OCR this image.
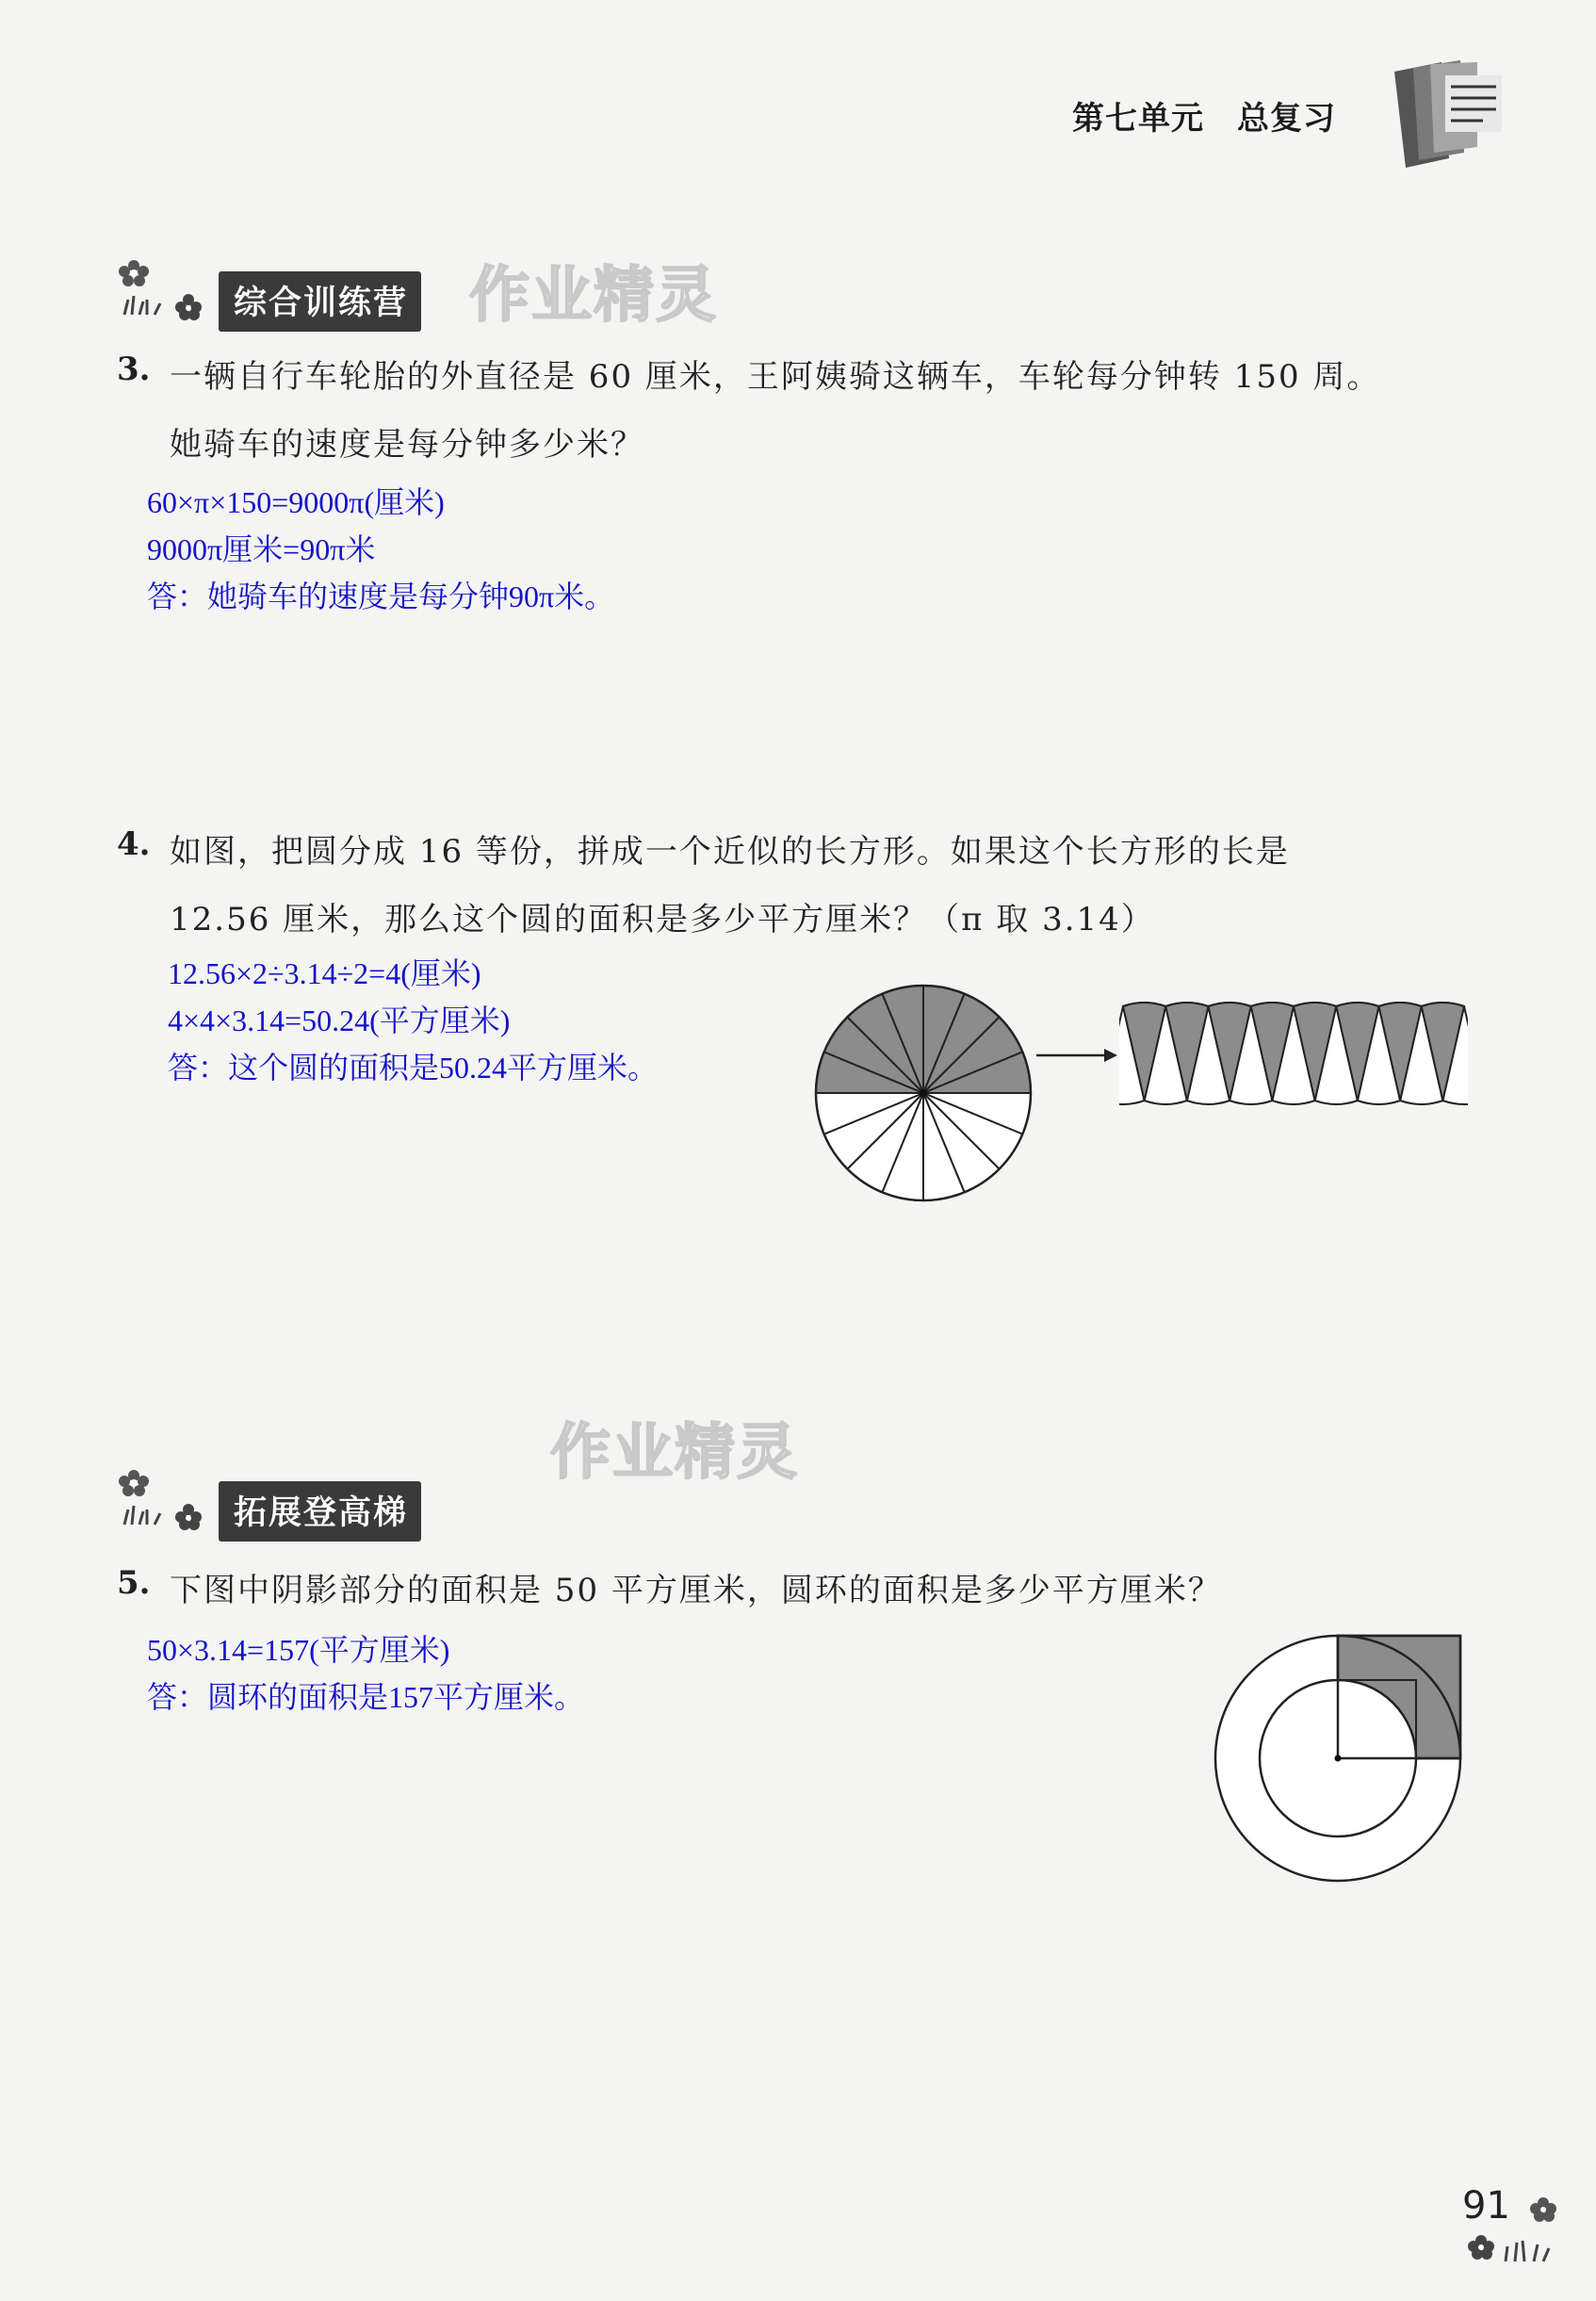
第七单元　总复习
综合训练营 作业精灵
3. 一辆自行车轮胎的外直径是 60 厘米，王阿姨骑这辆车，车轮每分钟转 150 周。
她骑车的速度是每分钟多少米？
60×π×150=9000π(厘米)
9000π厘米=90π米
答：她骑车的速度是每分钟90π米。
4. 如图，把圆分成 16 等份，拼成一个近似的长方形。如果这个长方形的长是
12.56 厘米，那么这个圆的面积是多少平方厘米？（π 取 3.14）
12.56×2÷3.14÷2=4(厘米)
4×4×3.14=50.24(平方厘米)
答：这个圆的面积是50.24平方厘米。
作业精灵
拓展登高梯
5. 下图中阴影部分的面积是 50 平方厘米，圆环的面积是多少平方厘米？
50×3.14=157(平方厘米)
答：圆环的面积是157平方厘米。
91
